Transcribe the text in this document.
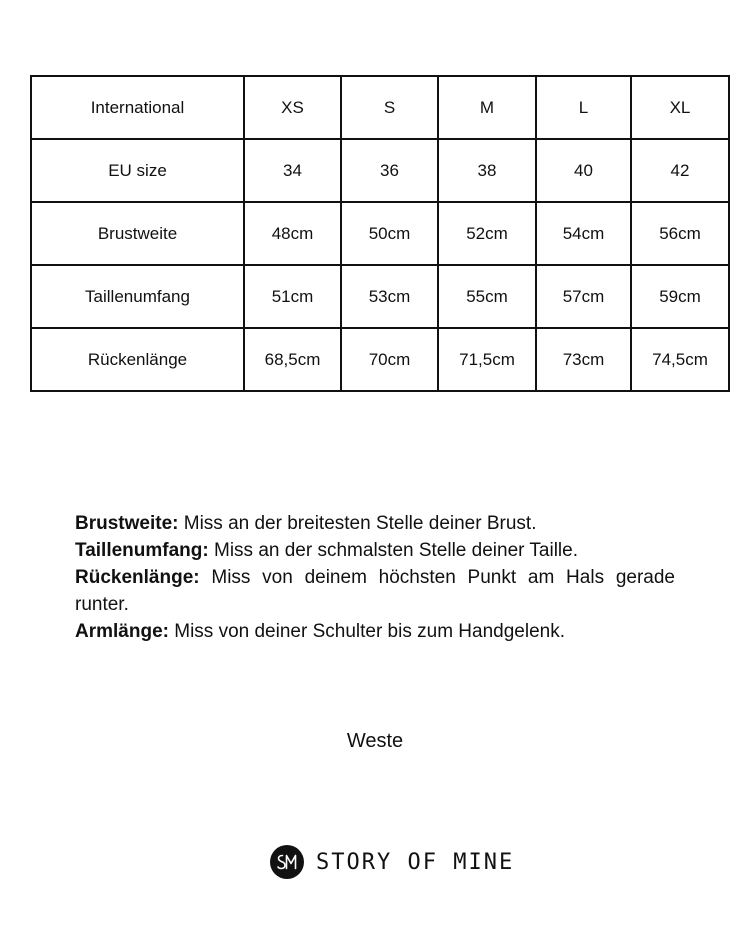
International	XS	S	M	L	XL
EU size	34	36	38	40	42
Brustweite	48cm	50cm	52cm	54cm	56cm
Taillenumfang	51cm	53cm	55cm	57cm	59cm
Rückenlänge	68,5cm	70cm	71,5cm	73cm	74,5cm

Brustweite: Miss an der breitesten Stelle deiner Brust.

Taillenumfang: Miss an der schmalsten Stelle deiner Taille.

Rückenlänge: Miss von deinem höchsten Punkt am Hals gerade runter.

Armlänge: Miss von deiner Schulter bis zum Handgelenk.

Weste
STORY OF MINE
